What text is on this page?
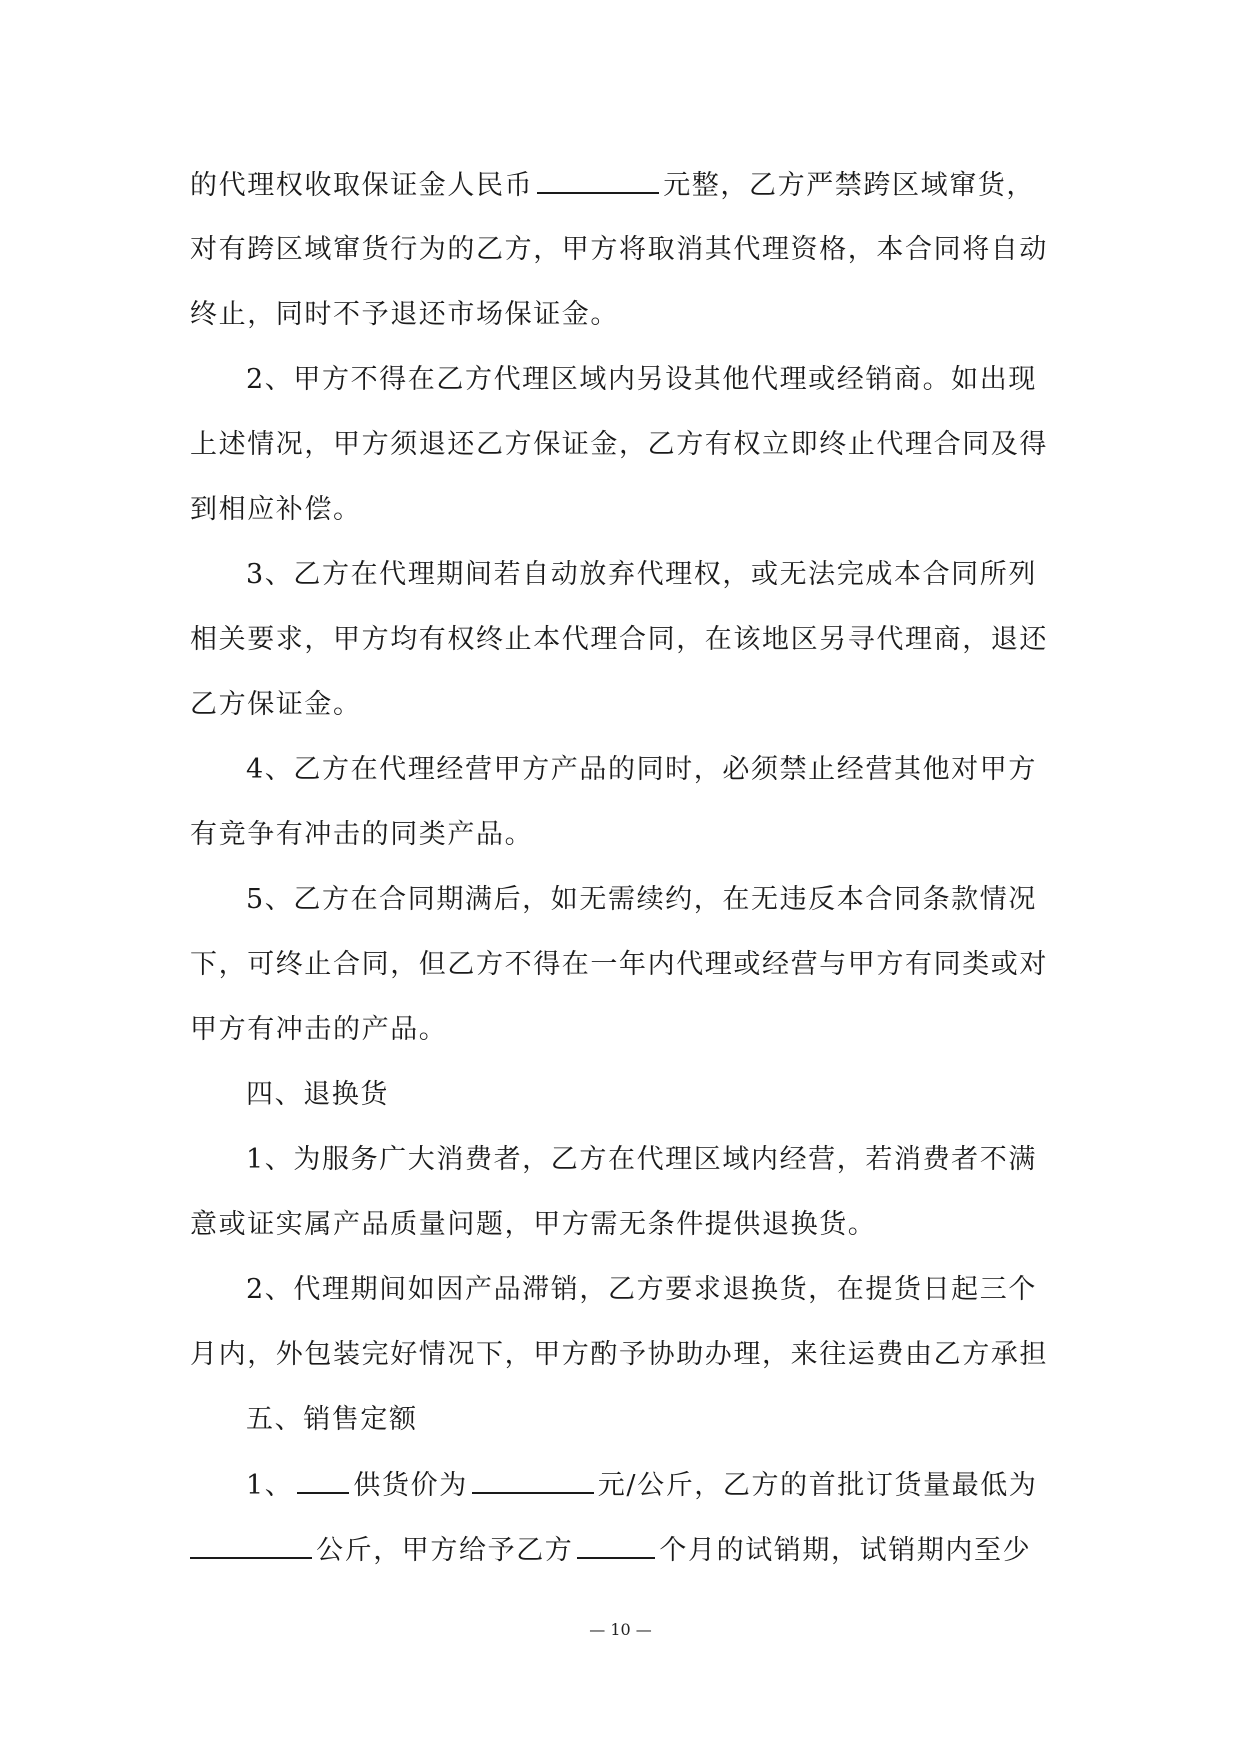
的代理权收取保证金人民币	元整，乙方严禁跨区域窜货，
对有跨区域窜货行为的乙方，甲方将取消其代理资格，本合同将自动
终止，同时不予退还市场保证金。
2、甲方不得在乙方代理区域内另设其他代理或经销商。如出现
上述情况，甲方须退还乙方保证金，乙方有权立即终止代理合同及得
到相应补偿。
3、乙方在代理期间若自动放弃代理权，或无法完成本合同所列
相关要求，甲方均有权终止本代理合同，在该地区另寻代理商，退还
乙方保证金。
4、乙方在代理经营甲方产品的同时，必须禁止经营其他对甲方
有竞争有冲击的同类产品。
5、乙方在合同期满后，如无需续约，在无违反本合同条款情况
下，可终止合同，但乙方不得在一年内代理或经营与甲方有同类或对
甲方有冲击的产品。
四、退换货
1、为服务广大消费者，乙方在代理区域内经营，若消费者不满
意或证实属产品质量问题，甲方需无条件提供退换货。
2、代理期间如因产品滞销，乙方要求退换货，在提货日起三个
月内，外包装完好情况下，甲方酌予协助办理，来往运费由乙方承担
五、销售定额
1、 供货价为	元/公斤，乙方的首批订货量最低为
公斤，甲方给予乙方	个月的试销期，试销期内至少
— 10 —
